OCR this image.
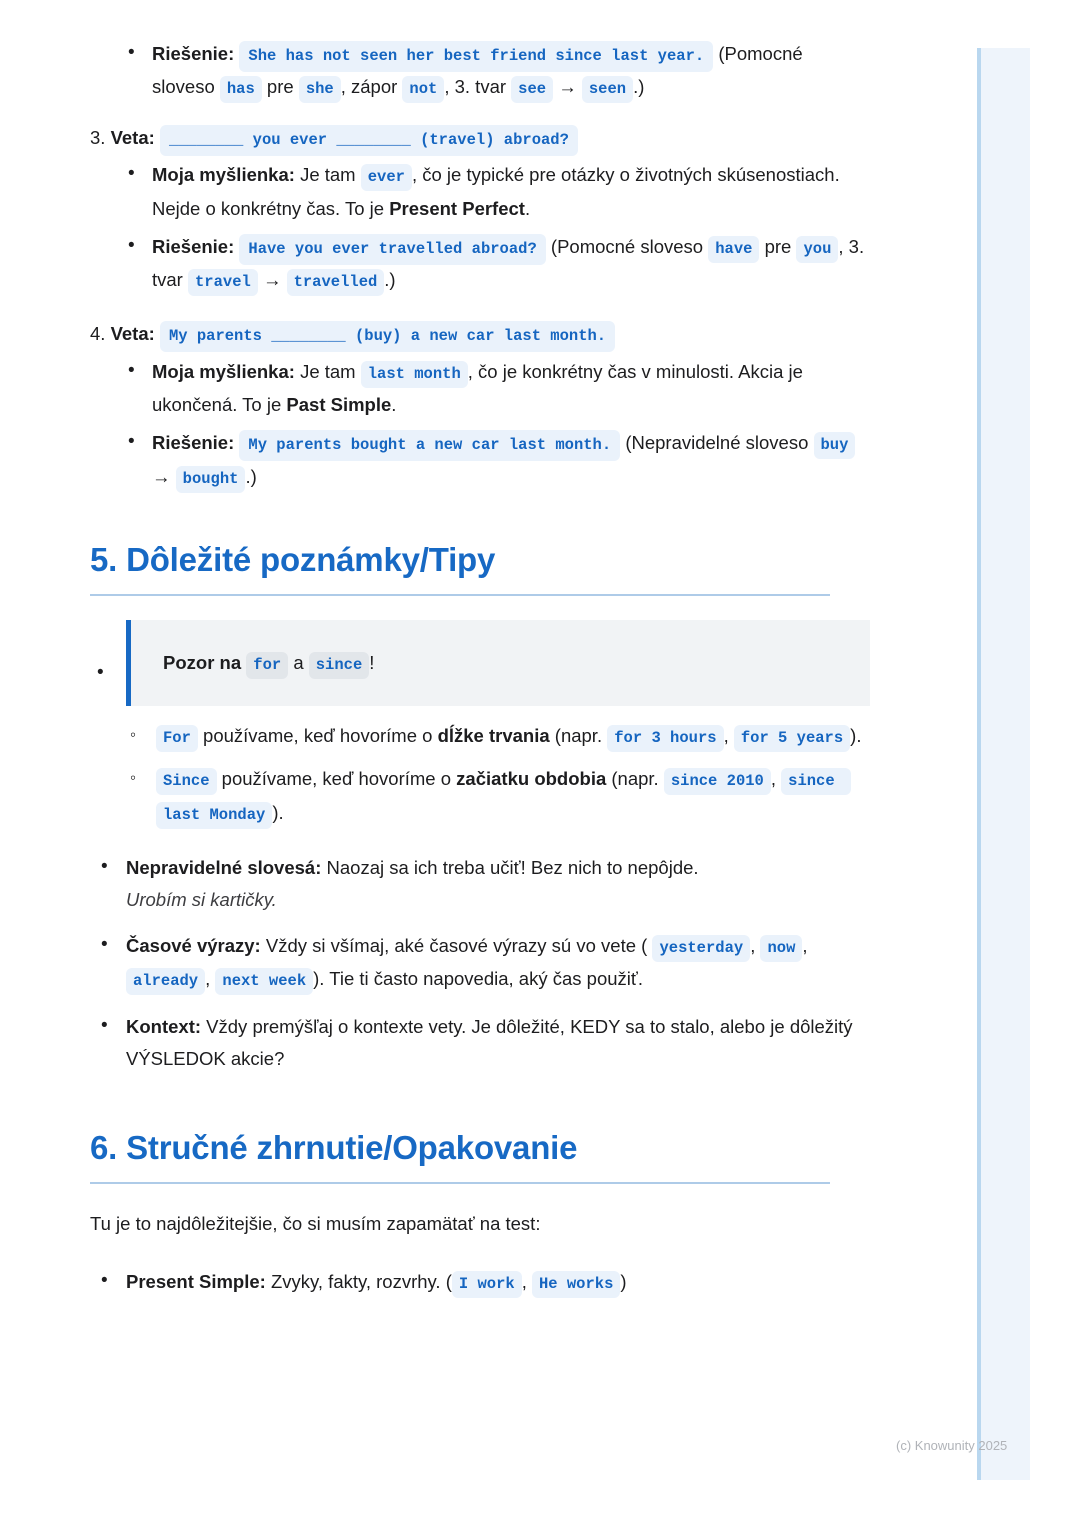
• Riešenie: She has not seen her best friend since last year. (Pomocné sloveso has pre she , zápor not , 3. tvar see → seen .)
3. Veta: ________ you ever ________ (travel) abroad?
• Moja myšlienka: Je tam ever , čo je typické pre otázky o životných skúsenostiach. Nejde o konkrétny čas. To je Present Perfect.
• Riešenie: Have you ever travelled abroad? (Pomocné sloveso have pre you , 3. tvar travel → travelled .)
4. Veta: My parents ________ (buy) a new car last month.
• Moja myšlienka: Je tam last month , čo je konkrétny čas v minulosti. Akcia je ukončená. To je Past Simple.
• Riešenie: My parents bought a new car last month. (Nepravidelné sloveso buy → bought .)
5. Dôležité poznámky/Tipy
• Pozor na for a since !
◦ For používame, keď hovoríme o dĺžke trvania (napr. for 3 hours , for 5 years ).
◦ Since používame, keď hovoríme o začiatku obdobia (napr. since 2010 , since last Monday ).
• Nepravidelné slovesá: Naozaj sa ich treba učiť! Bez nich to nepôjde.
Urobím si kartičky.
• Časové výrazy: Vždy si všímaj, aké časové výrazy sú vo vete ( yesterday , now , already , next week ). Tie ti často napovedia, aký čas použiť.
• Kontext: Vždy premýšľaj o kontexte vety. Je dôležité, KEDY sa to stalo, alebo je dôležitý VÝSLEDOK akcie?
6. Stručné zhrnutie/Opakovanie

Tu je to najdôležitejšie, čo si musím zapamätať na test:

• Present Simple: Zvyky, fakty, rozvrhy. ( I work , He works )
(c) Knowunity 2025
